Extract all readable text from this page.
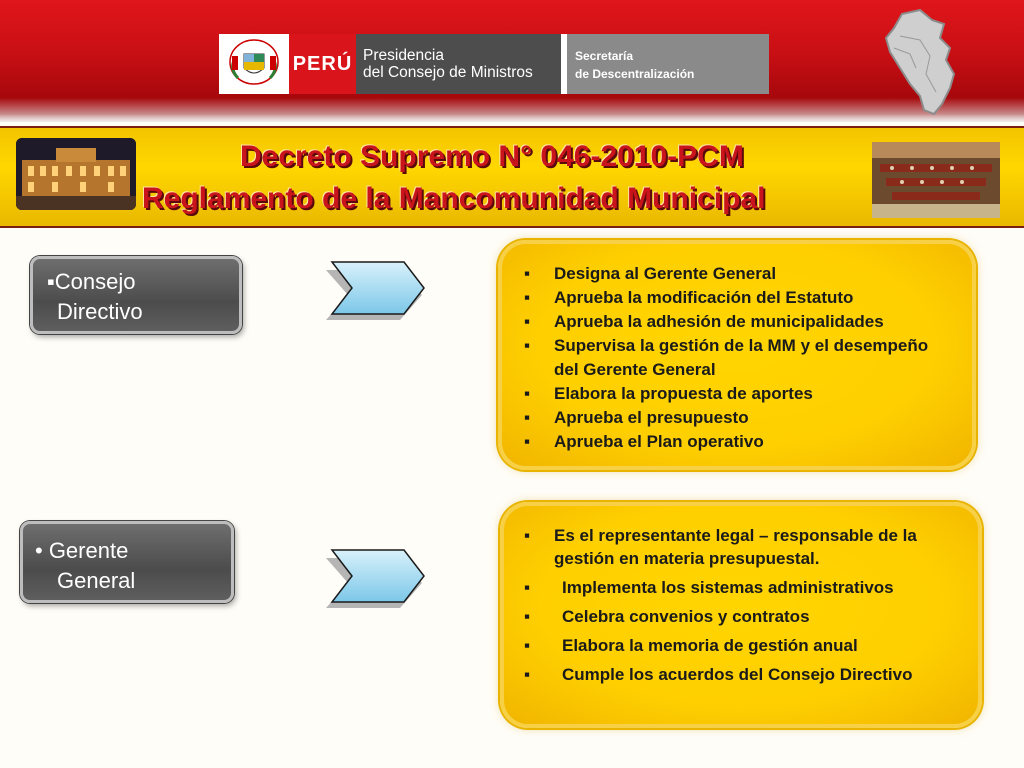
PERÚ Presidencia
del Consejo de Ministros
Secretaría
de Descentralización
Decreto Supremo N° 046-2010-PCM
Reglamento de la Mancomunidad Municipal
▪Consejo
Directivo
▪ Designa al Gerente General
▪ Aprueba la modificación del Estatuto
▪ Aprueba la adhesión de municipalidades
▪ Supervisa la gestión de la MM y el desempeño del Gerente General
▪ Elabora la propuesta de aportes
▪ Aprueba el presupuesto
▪ Aprueba el Plan operativo
• Gerente
General
▪ Es el representante legal – responsable de la gestión en materia presupuestal.
▪ Implementa los sistemas administrativos
▪ Celebra convenios y contratos
▪ Elabora la memoria de gestión anual
▪ Cumple los acuerdos del Consejo Directivo
